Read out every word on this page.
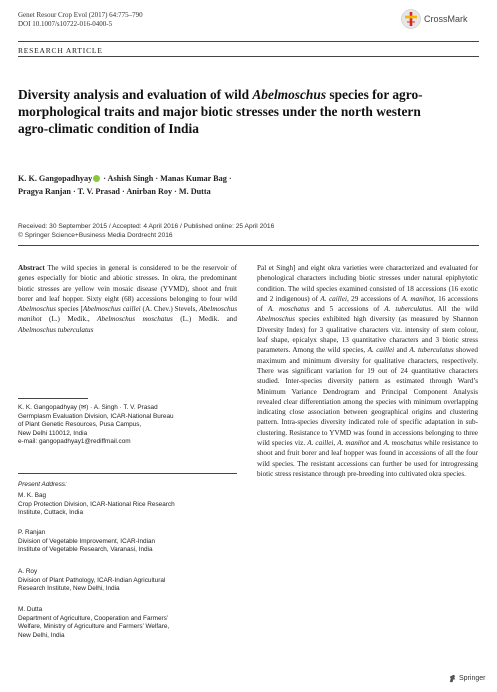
Genet Resour Crop Evol (2017) 64:775–790
DOI 10.1007/s10722-016-0400-5	CrossMark
RESEARCH ARTICLE
Diversity analysis and evaluation of wild Abelmoschus species for agro-morphological traits and major biotic stresses under the north western agro-climatic condition of India
K. K. Gangopadhyay · Ashish Singh · Manas Kumar Bag ·
Pragya Ranjan · T. V. Prasad · Anirban Roy · M. Dutta
Received: 30 September 2015 / Accepted: 4 April 2016 / Published online: 25 April 2016
© Springer Science+Business Media Dordrecht 2016
Abstract The wild species in general is considered to be the reservoir of genes especially for biotic and abiotic stresses. In okra, the predominant biotic stresses are yellow vein mosaic disease (YVMD), shoot and fruit borer and leaf hopper. Sixty eight (68) accessions belonging to four wild Abelmoschus species [Abelmoschus caillei (A. Chev.) Stevels, Abelmoschus manihot (L.) Medik., Abelmoschus moschatus (L.) Medik. and Abelmoschus tuberculatus
K. K. Gangopadhyay (✉) · A. Singh · T. V. Prasad
Germplasm Evaluation Division, ICAR-National Bureau
of Plant Genetic Resources, Pusa Campus,
New Delhi 110012, India
e-mail: gangopadhyay1@rediffmail.com
Present Address:
M. K. Bag
Crop Protection Division, ICAR-National Rice Research
Institute, Cuttack, India
P. Ranjan
Division of Vegetable Improvement, ICAR-Indian
Institute of Vegetable Research, Varanasi, India
A. Roy
Division of Plant Pathology, ICAR-Indian Agricultural
Research Institute, New Delhi, India
M. Dutta
Department of Agriculture, Cooperation and Farmers’
Welfare, Ministry of Agriculture and Farmers’ Welfare,
New Delhi, India
Pal et Singh] and eight okra varieties were characterized and evaluated for phenological characters including biotic stresses under natural epiphytotic condition. The wild species examined consisted of 18 accessions (16 exotic and 2 indigenous) of A. caillei, 29 accessions of A. manihot, 16 accessions of A. moschatus and 5 accessions of A. tuberculatus. All the wild Abelmoschus species exhibited high diversity (as measured by Shannon Diversity Index) for 3 qualitative characters viz. intensity of stem colour, leaf shape, epicalyx shape, 13 quantitative characters and 3 biotic stress parameters. Among the wild species, A. caillei and A. tuberculatus showed maximum and minimum diversity for qualitative characters, respectively. There was significant variation for 19 out of 24 quantitative characters studied. Inter-species diversity pattern as estimated through Ward’s Minimum Variance Dendrogram and Principal Component Analysis revealed clear differentiation among the species with minimum overlapping indicating close association between geographical origins and clustering pattern. Intra-species diversity indicated role of specific adaptation in sub-clustering. Resistance to YVMD was found in accessions belonging to three wild species viz. A. caillei, A. manihot and A. moschatus while resistance to shoot and fruit borer and leaf hopper was found in accessions of all the four wild species. The resistant accessions can further be used for introgressing biotic stress resistance through pre-breeding into cultivated okra species.
Springer
